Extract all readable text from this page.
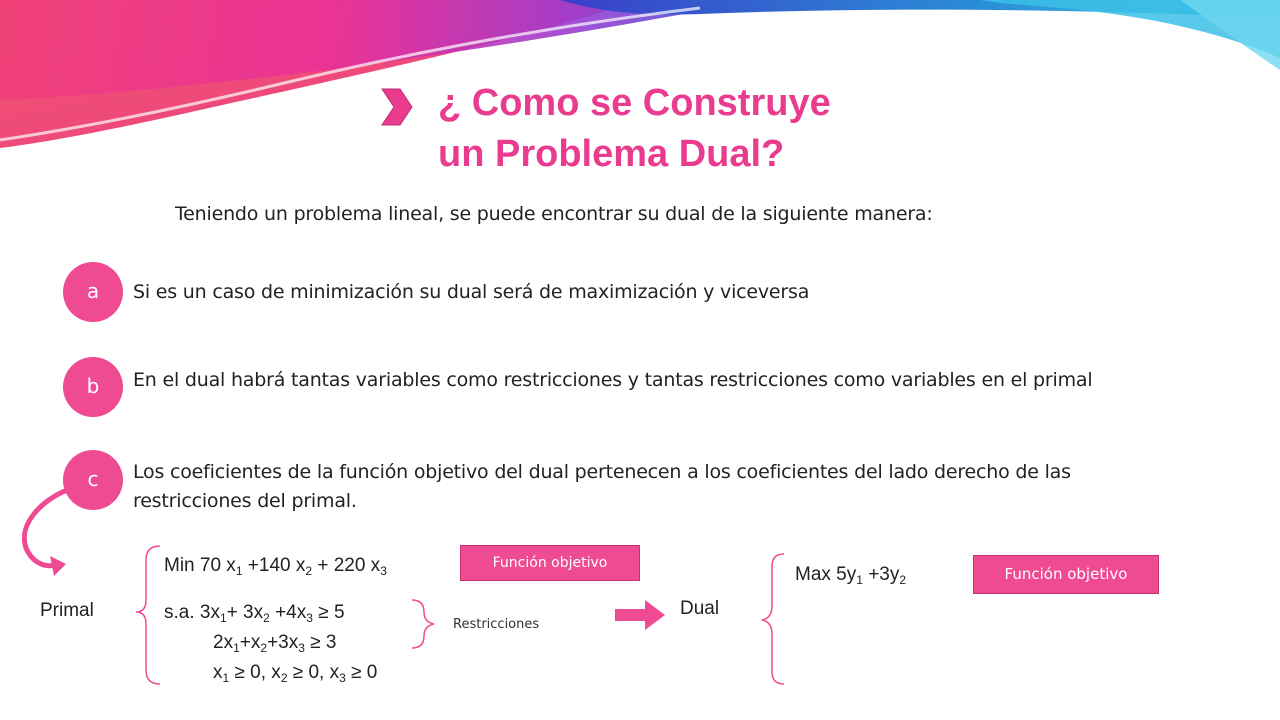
¿ Como se Construye
un Problema Dual?
Teniendo un problema lineal, se puede encontrar su dual de la siguiente manera:
a	Si es un caso de minimización su dual será de maximización y viceversa
b	En el dual habrá tantas variables como restricciones y tantas restricciones como variables en el primal
c	Los coeficientes de la función objetivo del dual pertenecen a los coeficientes del lado derecho de las restricciones del primal.
Primal
Min 70 $x_1 +140$ $x_2 + 220$ $x_3$	Función objetivo
s.a. $3x_1+ 3x_2 +4x_3 \ge 5$
$2x_1+x_2+3x_3 \ge 3$
$x_1 \ge 0$, $x_2 \ge 0$, $x_3 \ge 0$
Restricciones
Dual
Max $5y_1 +3y_2$	Función objetivo
